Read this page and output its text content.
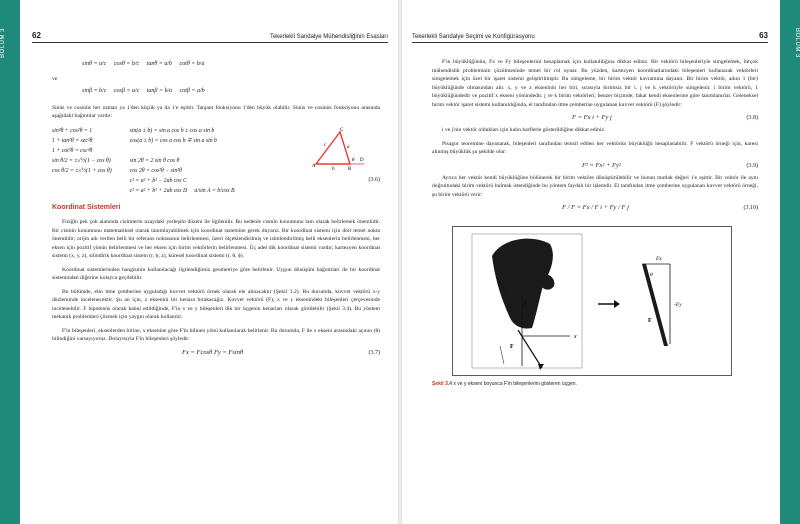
BÖLÜM 3	BÖLÜM 3
62	Tekerlekli Sandalye Mühendisliğinin Esasları
sinθ = a/c     cosθ = b/c     tanθ = a/b     cotθ = b/a
ve
sinβ = b/c     cosβ = a/c     tanβ = b/a     cotβ = a/b

Sinüs ve cosinüs her zaman ya 1'den küçük ya da 1'e eşittir. Tanjant fonksiyonu 1'den büyük olabilir. Sinüs ve cosinüs fonksiyonu arasında aşağıdaki bağıntılar vardır:

sin²θ + cos²θ = 1
1 + tan²θ = sec²θ
1 + cot²θ = csc²θ
sin θ/2 = ±√½(1 − cos θ)
cos θ/2 = ±√½(1 + cos θ)
sin(a ± b) = sin a cos b ± cos a sin b
cos(a ± b) = cos a cos b ∓ sin a sin b

sin 2θ = 2 sin θ cos θ
cos 2θ = cos²θ − sin²θ
c² = a² + b² − 2ab cos C
c² = a² + b² + 2ab cos D     a/sin A = b/cos B
A
B
C
D
a
b
c
θ
(3.6)
Koordinat Sistemleri

Fiziğin pek çok alanında cisimlerin uzaydaki yerleşim düzeni ile ilgilenilir. Bu nedenle cismin konumunu tam olarak belirlemek önemlidir. Bir cismin konumunu matematiksel olarak tanımlayabilmek için koordinat sistemine gerek duyarız. Bir koordinat sistemi için dört temel nokta önemlidir; orijin adı verilen belli bir referans noktasının belirlenmesi, üzeri ölçeklendirilmiş ve isimlendirilmiş belli eksenlerin belirlenmesi, her eksen için pozitif yönün belirlenmesi ve her eksen için birim vektörlerin belirlenmesi. Üç adet dik koordinat sistemi vardır; kartezyen koordinat sistemi (x, y, z), silindirik koordinat sistem (r, ϕ, z), küresel koordinat sistemi (r, θ, ϕ).

Koordinat sistemlerinden hangisinin kullanılacağı ilgilendiğimiz geometriye göre belirlenir. Uygun dönüşüm bağıntıları ile bir koordinat sisteminden diğerine kolayca geçilebilir.

Bu bölümde, elin itme çemberine uyguladığı kuvvet vektörü örnek olarak ele alınacaktır (Şekil 3.2). Bu durumda, kuvvet vektörü x-y düzleminde incelenecektir. Şu an için, z eksenini bir kenara bırakacağız. Kuvvet vektörü (F), x ve y eksenindeki bileşenleri çerçevesinde incelenebilir. F hipotenüs olarak kabul edildiğinde, F'in x ve y bileşenleri dik bir üçgenin kenarları olarak görülebilir (Şekil 3.4). Bu yöntem mekanik problemleri çözmek için yaygın olarak kullanılır.

F'in bileşenleri, eksenlerden birine, x eksenine göre F'in bilinen yönü kullanılarak belirlenir. Bu durumda, F ile x ekseni arasındaki açının (θ) bilindiğini varsayıyoruz. Dolayısıyla F'in bileşenleri şöyledir:

Fx = Fcosθ Fy = Fsinθ	(3.7)
Tekerlekli Sandalye Seçimi ve Konfigürasyonu	63

F'in büyüklüğünün, Fx ve Fy bileşenlerini hesaplamak için kullanıldığına dikkat ediniz. Bir vektörü bileşenleriyle simgelemek, birçok mühendislik probleminin çözülmesinde temel bir rol oynar. Bu yüzden, kartezyen koordinatlarındaki bileşenleri kullanarak vektörleri simgelemek için özel bir işaret sistemi geliştirilmiştir. Bu simgeleme, bir birim vektör kavramına dayanır. Bir birim vektör, adını 1 (bir) büyüklüğünde olmasından alır. x, y ve z ekseninin her biri, sırasıyla birimsiz bir i, j ve k vektörüyle simgelenir. i birim vektörü, 1 büyüklüğündedir ve pozitif x ekseni yönündedir. j ve k birim vektörleri, benzer biçimde; fakat kendi eksenlerine göre tanımlanırlar. Geleneksel birim vektör işaret sistemi kullanıldığında, el tarafından itme çemberine uygulanan kuvvet vektörü (F) şöyledir:

F = Fx i + Fy j	(3.8)

i ve j'nin vektör oldukları için kalın harflerle gösterildiğine dikkat ediniz.

Pisagor teoremine dayanarak, bileşenleri tarafından temsil edilen her vektörün büyüklüğü hesaplanabilir. F vektörü örneği için, karesi alınmış büyüklük şu şekilde olur:

F² = Fx² + Fy²	(3.9)

Ayrıca her vektör kendi büyüklüğüne bölünerek bir birim vektöre dönüştürülebilir ve bunun mutlak değeri 1'e eşittir. Bir vektör ile aynı doğrultudaki birim vektörü bulmak istendiğinde bu yöntem faydalı bir işlemdir. El tarafından itme çemberine uygulanan kuvvet vektörü örneği, şu birim vektörü verir:

F / F = Fx / F i + Fy / F j	(3.10)
x
y
F
Fx
-Fy
θ
F
Şekil 3.4 x ve y ekseni boyunca F'in bileşenlerini gösteren üçgen.
